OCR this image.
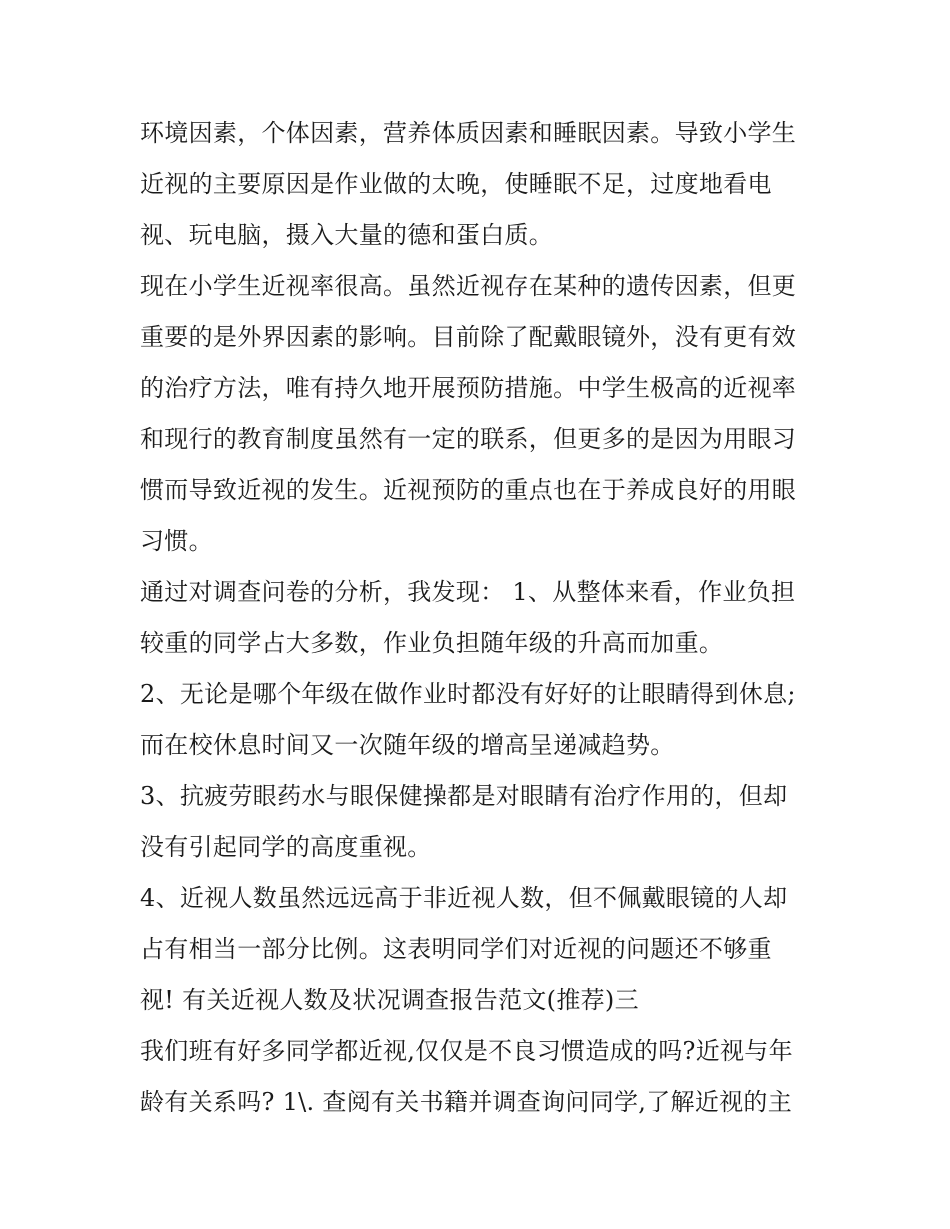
环境因素，个体因素，营养体质因素和睡眠因素。导致小学生
近视的主要原因是作业做的太晚，使睡眠不足，过度地看电
视、玩电脑，摄入大量的德和蛋白质。
现在小学生近视率很高。虽然近视存在某种的遗传因素，但更
重要的是外界因素的影响。目前除了配戴眼镜外，没有更有效
的治疗方法，唯有持久地开展预防措施。中学生极高的近视率
和现行的教育制度虽然有一定的联系，但更多的是因为用眼习
惯而导致近视的发生。近视预防的重点也在于养成良好的用眼
习惯。
通过对调查问卷的分析，我发现： 1、从整体来看，作业负担
较重的同学占大多数，作业负担随年级的升高而加重。
2、无论是哪个年级在做作业时都没有好好的让眼睛得到休息;
而在校休息时间又一次随年级的增高呈递减趋势。
3、抗疲劳眼药水与眼保健操都是对眼睛有治疗作用的，但却
没有引起同学的高度重视。
4、近视人数虽然远远高于非近视人数，但不佩戴眼镜的人却
占有相当一部分比例。这表明同学们对近视的问题还不够重
视! 有关近视人数及状况调查报告范文(推荐)三
我们班有好多同学都近视,仅仅是不良习惯造成的吗?近视与年
龄有关系吗? 1\. 查阅有关书籍并调查询问同学,了解近视的主
